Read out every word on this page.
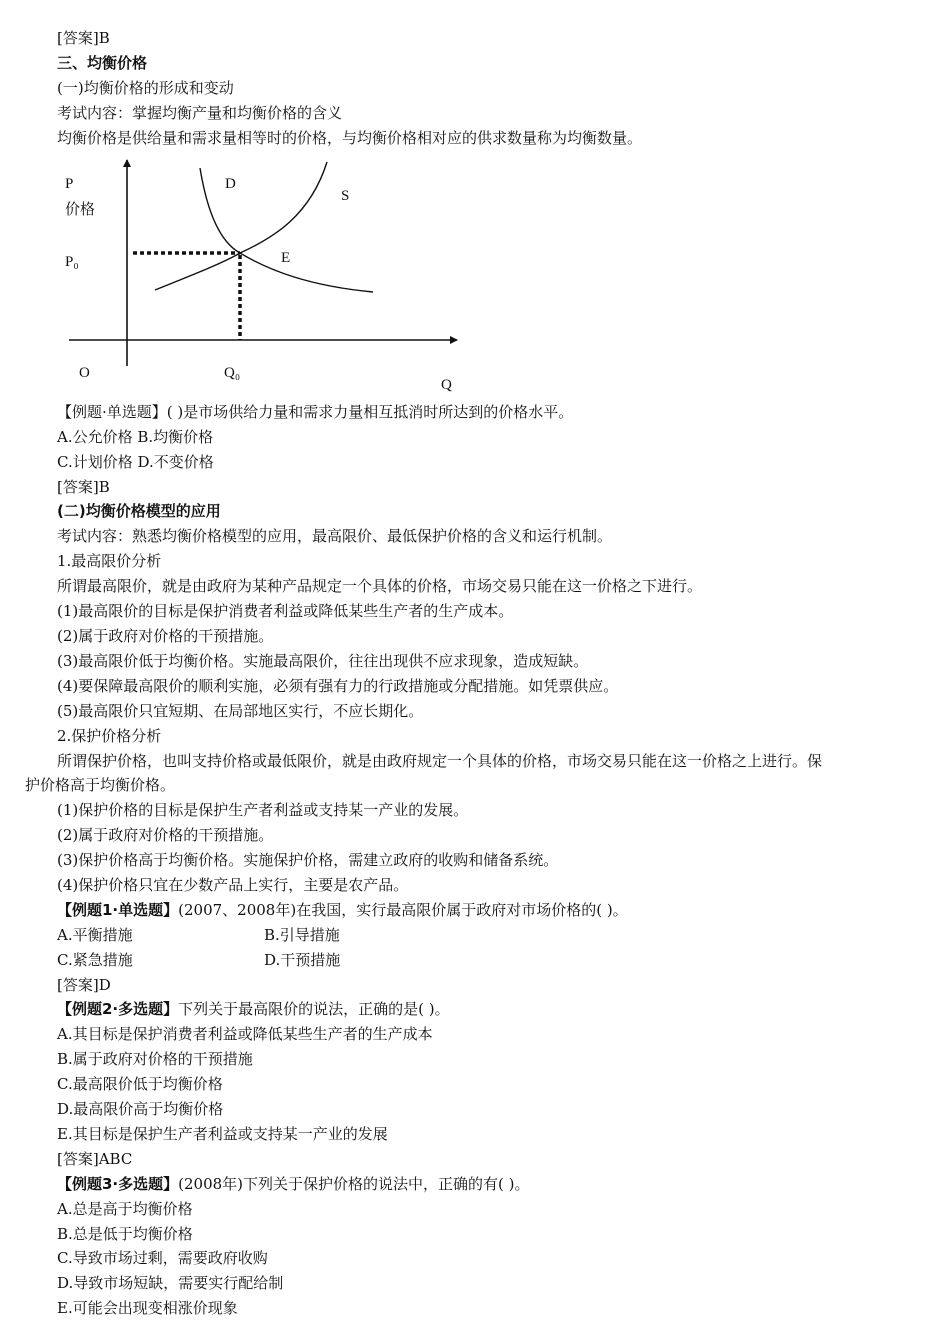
[答案]B
三、均衡价格
(一)均衡价格的形成和变动
考试内容：掌握均衡产量和均衡价格的含义
均衡价格是供给量和需求量相等时的价格，与均衡价格相对应的供求数量称为均衡数量。
P
价格
P₀
D
S
E
O	Q₀
Q
【例题·单选题】( )是市场供给力量和需求力量相互抵消时所达到的价格水平。
A.公允价格 B.均衡价格
C.计划价格 D.不变价格
[答案]B
(二)均衡价格模型的应用
考试内容：熟悉均衡价格模型的应用，最高限价、最低保护价格的含义和运行机制。
1.最高限价分析
所谓最高限价，就是由政府为某种产品规定一个具体的价格，市场交易只能在这一价格之下进行。
(1)最高限价的目标是保护消费者利益或降低某些生产者的生产成本。
(2)属于政府对价格的干预措施。
(3)最高限价低于均衡价格。实施最高限价，往往出现供不应求现象，造成短缺。
(4)要保障最高限价的顺利实施，必须有强有力的行政措施或分配措施。如凭票供应。
(5)最高限价只宜短期、在局部地区实行，不应长期化。
2.保护价格分析
所谓保护价格，也叫支持价格或最低限价，就是由政府规定一个具体的价格，市场交易只能在这一价格之上进行。保
护价格高于均衡价格。
(1)保护价格的目标是保护生产者利益或支持某一产业的发展。
(2)属于政府对价格的干预措施。
(3)保护价格高于均衡价格。实施保护价格，需建立政府的收购和储备系统。
(4)保护价格只宜在少数产品上实行，主要是农产品。
【例题1·单选题】(2007、2008年)在我国，实行最高限价属于政府对市场价格的( )。
A.平衡措施	B.引导措施
C.紧急措施	D.干预措施
[答案]D
【例题2·多选题】下列关于最高限价的说法，正确的是( )。
A.其目标是保护消费者利益或降低某些生产者的生产成本
B.属于政府对价格的干预措施
C.最高限价低于均衡价格
D.最高限价高于均衡价格
E.其目标是保护生产者利益或支持某一产业的发展
[答案]ABC
【例题3·多选题】(2008年)下列关于保护价格的说法中，正确的有( )。
A.总是高于均衡价格
B.总是低于均衡价格
C.导致市场过剩，需要政府收购
D.导致市场短缺，需要实行配给制
E.可能会出现变相涨价现象
